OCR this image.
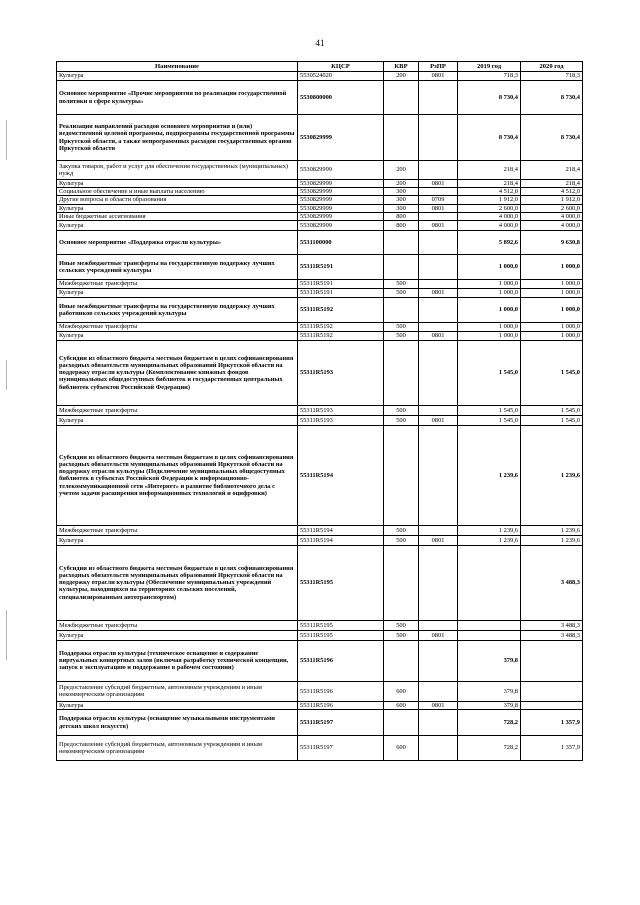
41
Наименование	КЦСР	КВР	РзПР	2019 год	2020 год
Культура	5530524020	200	0801	718,3	718,3
Основное мероприятие «Прочие мероприятия по реализации государственной политики в сфере культуры»	5530800000			8 730,4	8 730,4
Реализация направлений расходов основного мероприятия и (или) ведомственной целевой программы, подпрограммы государственной программы Иркутской области, а также непрограммных расходов государственных органов Иркутской области	5530829999			8 730,4	8 730,4
Закупка товаров, работ и услуг для обеспечения государственных (муниципальных) нужд	5530829999	200		218,4	218,4
Культура	5530829999	200	0801	218,4	218,4
Социальное обеспечение и иные выплаты населению	5530829999	300		4 512,0	4 512,0
Другие вопросы в области образования	5530829999	300	0709	1 912,0	1 912,0
Культура	5530829999	300	0801	2 600,0	2 600,0
Иные бюджетные ассигнования	5530829999	800		4 000,0	4 000,0
Культура	5530829999	800	0801	4 000,0	4 000,0
Основное мероприятие «Поддержка отрасли культуры»	5531100000			5 892,6	9 630,8
Иные межбюджетные трансферты на государственную поддержку лучших сельских учреждений культуры	55311R5191			1 000,0	1 000,0
Межбюджетные трансферты	55311R5191	500		1 000,0	1 000,0
Культура	55311R5191	500	0801	1 000,0	1 000,0
Иные межбюджетные трансферты на государственную поддержку лучших работников сельских учреждений культуры	55311R5192			1 000,0	1 000,0
Межбюджетные трансферты	55311R5192	500		1 000,0	1 000,0
Культура	55311R5192	500	0801	1 000,0	1 000,0
Субсидии из областного бюджета местным бюджетам в целях софинансирования расходных обязательств муниципальных образований Иркутской области на поддержку отрасли культуры (Комплектование книжных фондов муниципальных общедоступных библиотек и государственных центральных библиотек субъектов Российской Федерации)	55311R5193			1 545,0	1 545,0
Межбюджетные трансферты	55311R5193	500		1 545,0	1 545,0
Культура	55311R5193	500	0801	1 545,0	1 545,0
Субсидии из областного бюджета местным бюджетам в целях софинансирования расходных обязательств муниципальных образований Иркутской области на поддержку отрасли культуры (Подключение муниципальных общедоступных библиотек в субъектах Российской Федерации к информационно-телекоммуникационной сети «Интернет» и развитие библиотечного дела с учетом задачи расширения информационных технологий и оцифровки)	55311R5194			1 239,6	1 239,6
Межбюджетные трансферты	55311R5194	500		1 239,6	1 239,6
Культура	55311R5194	500	0801	1 239,6	1 239,6
Субсидии из областного бюджета местным бюджетам в целях софинансирования расходных обязательств муниципальных образований Иркутской области на поддержку отрасли культуры (Обеспечение муниципальных учреждений культуры, находящихся на территориях сельских поселений, специализированным автотранспортом)	55311R5195				3 488,3
Межбюджетные трансферты	55311R5195	500			3 488,3
Культура	55311R5195	500	0801		3 488,3
Поддержка отрасли культуры (техническое оснащение и содержание виртуальных концертных залов (включая разработку технической концепции, запуск в эксплуатацию и поддержание в рабочем состоянии)	55311R5196			379,8	
Предоставление субсидий бюджетным, автономным учреждениям и иным некоммерческим организациям	55311R5196	600		379,8	
Культура	55311R5196	600	0801	379,8	
Поддержка отрасли культуры (оснащение музыкальными инструментами детских школ искусств)	55311R5197			728,2	1 357,9
Предоставление субсидий бюджетным, автономным учреждениям и иным некоммерческим организациям	55311R5197	600		728,2	1 357,9
